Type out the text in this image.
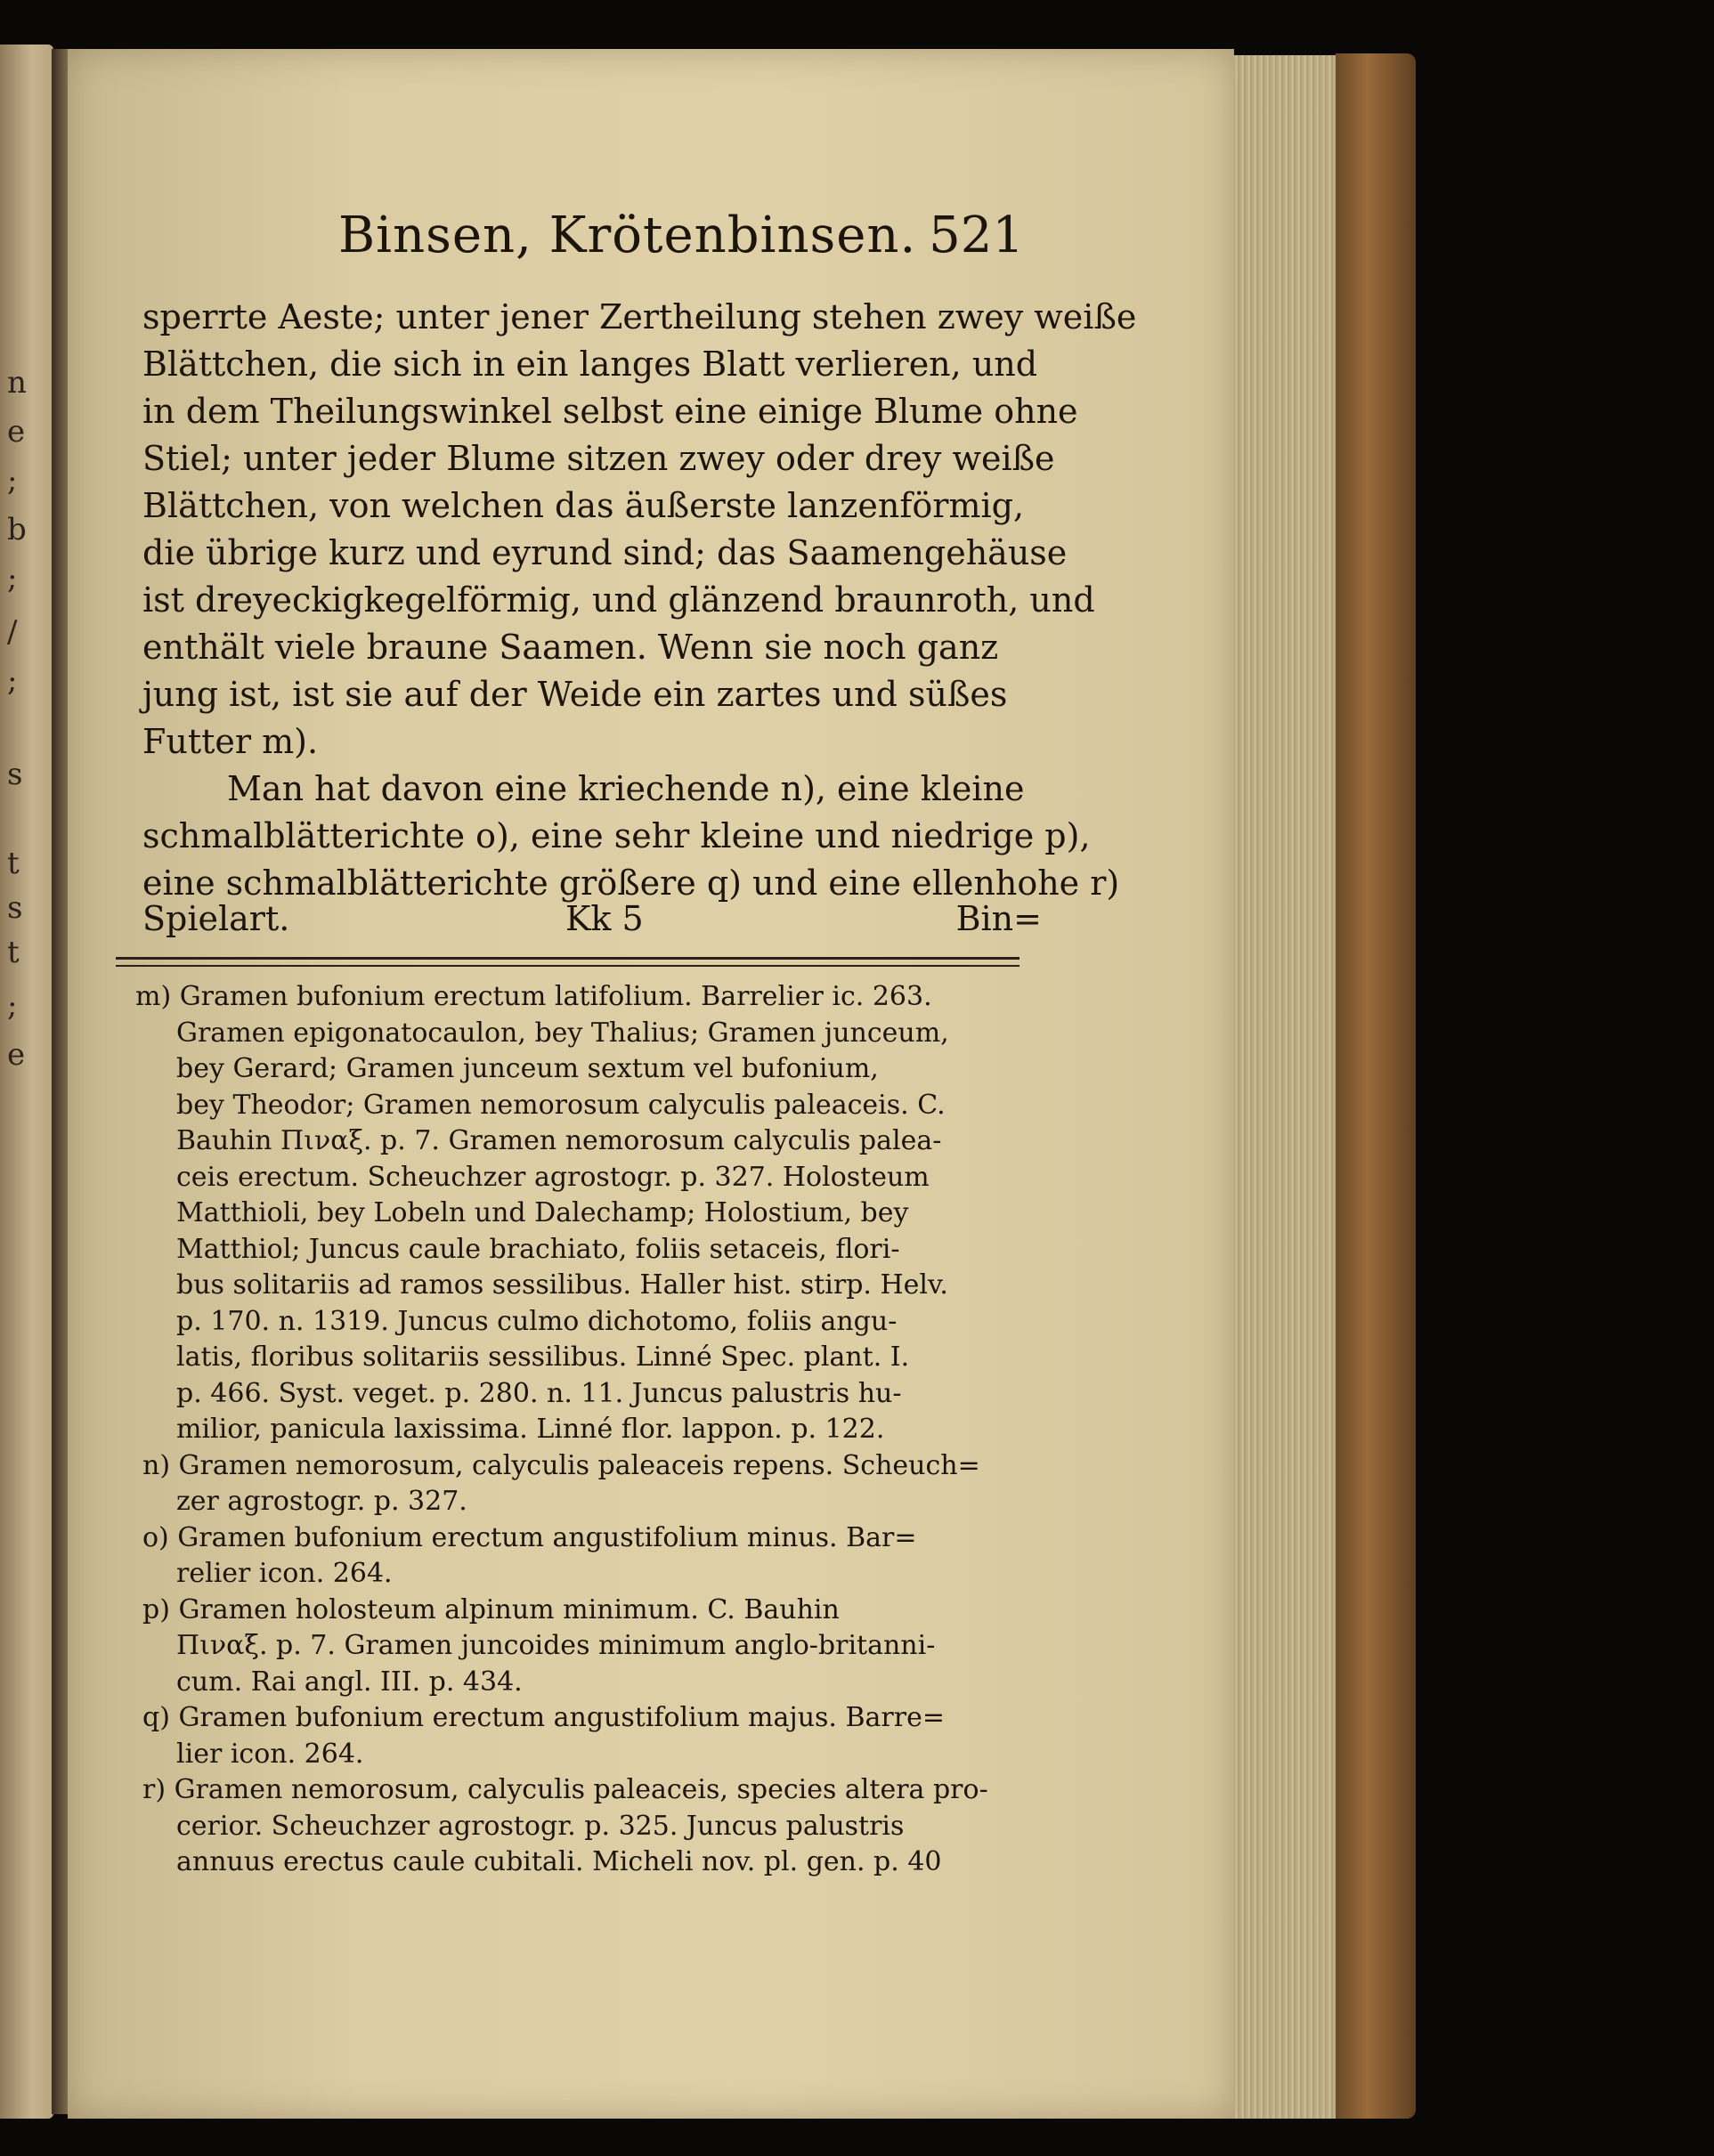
n
e
;
b
;
/
;
s
t
s
t
;
e
Binsen, Krötenbinsen. 521
sperrte Aeste; unter jener Zertheilung stehen zwey weiße
Blättchen, die sich in ein langes Blatt verlieren, und
in dem Theilungswinkel selbst eine einige Blume ohne
Stiel; unter jeder Blume sitzen zwey oder drey weiße
Blättchen, von welchen das äußerste lanzenförmig,
die übrige kurz und eyrund sind; das Saamengehäuse
ist dreyeckigkegelförmig, und glänzend braunroth, und
enthält viele braune Saamen. Wenn sie noch ganz
jung ist, ist sie auf der Weide ein zartes und süßes
Futter m).
Man hat davon eine kriechende n), eine kleine
schmalblätterichte o), eine sehr kleine und niedrige p),
eine schmalblätterichte größere q) und eine ellenhohe r)
Spielart.	Kk 5	Bin=
m) Gramen bufonium erectum latifolium. Barrelier ic. 263.
Gramen epigonatocaulon, bey Thalius; Gramen junceum,
bey Gerard; Gramen junceum sextum vel bufonium,
bey Theodor; Gramen nemorosum calyculis paleaceis. C.
Bauhin Πιναξ. p. 7. Gramen nemorosum calyculis palea-
ceis erectum. Scheuchzer agrostogr. p. 327. Holosteum
Matthioli, bey Lobeln und Dalechamp; Holostium, bey
Matthiol; Juncus caule brachiato, foliis setaceis, flori-
bus solitariis ad ramos sessilibus. Haller hist. stirp. Helv.
p. 170. n. 1319. Juncus culmo dichotomo, foliis angu-
latis, floribus solitariis sessilibus. Linné Spec. plant. I.
p. 466. Syst. veget. p. 280. n. 11. Juncus palustris hu-
milior, panicula laxissima. Linné flor. lappon. p. 122.
n) Gramen nemorosum, calyculis paleaceis repens. Scheuch=
zer agrostogr. p. 327.
o) Gramen bufonium erectum angustifolium minus. Bar=
relier icon. 264.
p) Gramen holosteum alpinum minimum. C. Bauhin
Πιναξ. p. 7. Gramen juncoides minimum anglo-britanni-
cum. Rai angl. III. p. 434.
q) Gramen bufonium erectum angustifolium majus. Barre=
lier icon. 264.
r) Gramen nemorosum, calyculis paleaceis, species altera pro-
cerior. Scheuchzer agrostogr. p. 325. Juncus palustris
annuus erectus caule cubitali. Micheli nov. pl. gen. p. 40
